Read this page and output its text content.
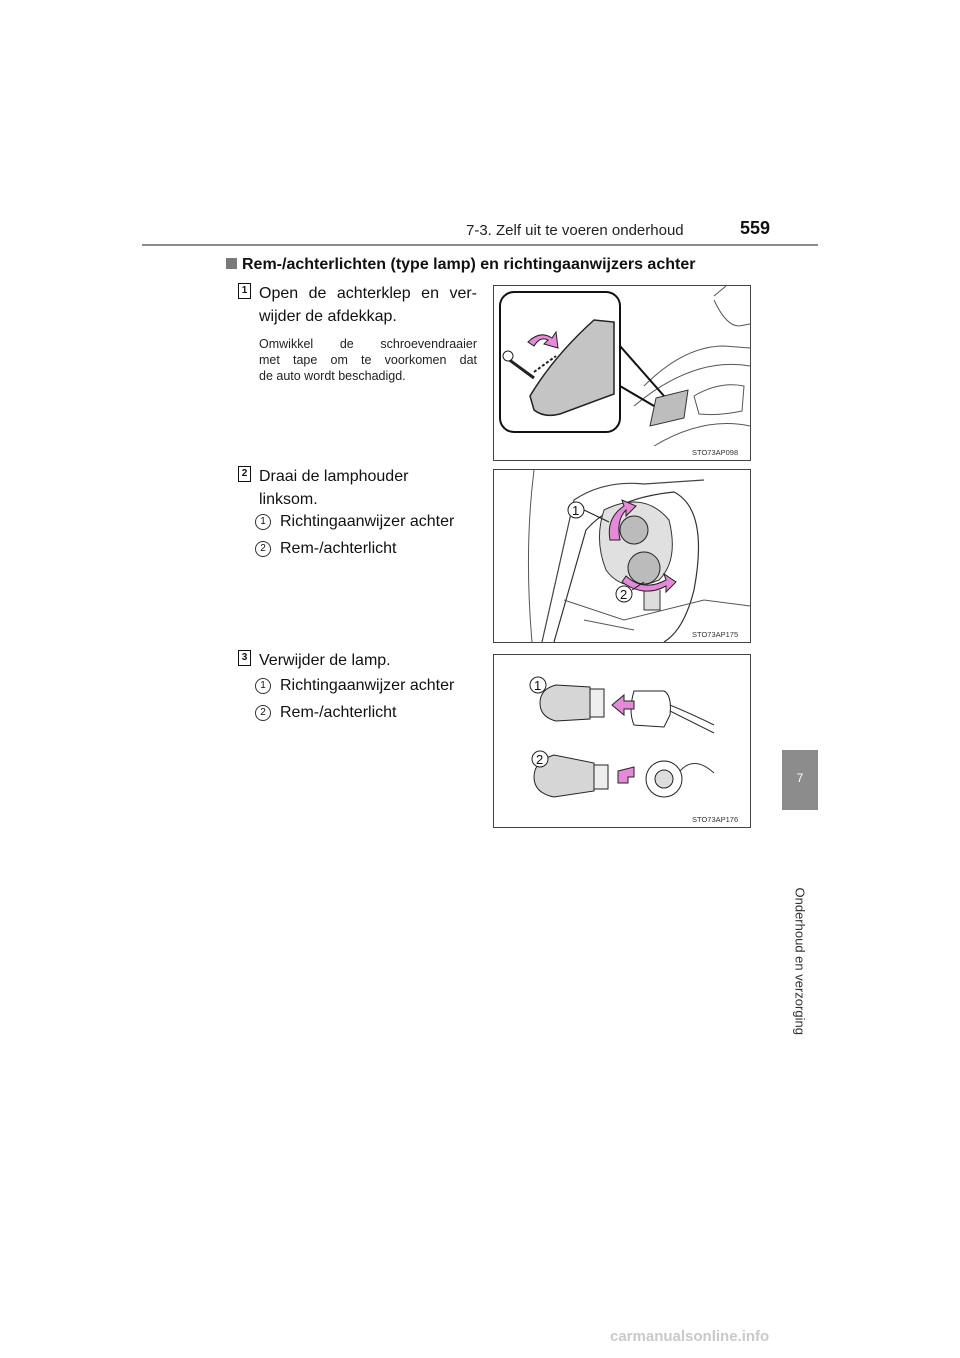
7-3. Zelf uit te voeren onderhoud	559
7
Onderhoud en verzorging
Rem-/achterlichten (type lamp) en richtingaanwijzers achter
1 Open de achterklep en ver-
wijder de afdekkap.
Omwikkel de schroevendraaier
met tape om te voorkomen dat
de auto wordt beschadigd.
STO73AP098
2 Draai de lamphouder
linksom.
1 Richtingaanwijzer achter
2 Rem-/achterlicht
1
2
STO73AP175
3 Verwijder de lamp.
1 Richtingaanwijzer achter
2 Rem-/achterlicht
1
2
STO73AP176
carmanualsonline.info
